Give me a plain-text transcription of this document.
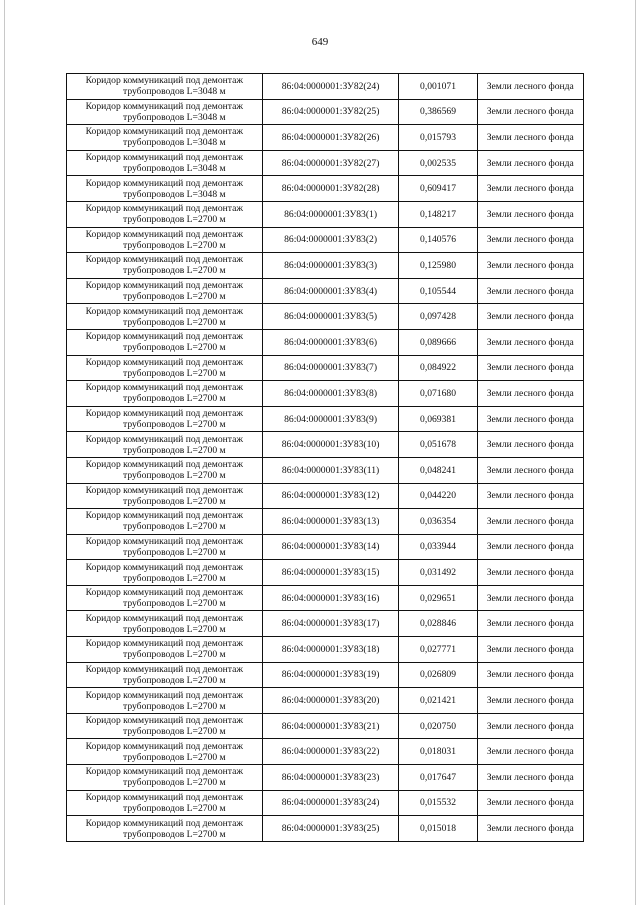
649
Коридор коммуникаций под демонтаж
трубопроводов L=3048 м	86:04:0000001:ЗУ82(24)	0,001071	Земли лесного фонда

Коридор коммуникаций под демонтаж
трубопроводов L=3048 м	86:04:0000001:ЗУ82(25)	0,386569	Земли лесного фонда

Коридор коммуникаций под демонтаж
трубопроводов L=3048 м	86:04:0000001:ЗУ82(26)	0,015793	Земли лесного фонда

Коридор коммуникаций под демонтаж
трубопроводов L=3048 м	86:04:0000001:ЗУ82(27)	0,002535	Земли лесного фонда

Коридор коммуникаций под демонтаж
трубопроводов L=3048 м	86:04:0000001:ЗУ82(28)	0,609417	Земли лесного фонда

Коридор коммуникаций под демонтаж
трубопроводов L=2700 м	86:04:0000001:ЗУ83(1)	0,148217	Земли лесного фонда

Коридор коммуникаций под демонтаж
трубопроводов L=2700 м	86:04:0000001:ЗУ83(2)	0,140576	Земли лесного фонда

Коридор коммуникаций под демонтаж
трубопроводов L=2700 м	86:04:0000001:ЗУ83(3)	0,125980	Земли лесного фонда

Коридор коммуникаций под демонтаж
трубопроводов L=2700 м	86:04:0000001:ЗУ83(4)	0,105544	Земли лесного фонда

Коридор коммуникаций под демонтаж
трубопроводов L=2700 м	86:04:0000001:ЗУ83(5)	0,097428	Земли лесного фонда

Коридор коммуникаций под демонтаж
трубопроводов L=2700 м	86:04:0000001:ЗУ83(6)	0,089666	Земли лесного фонда

Коридор коммуникаций под демонтаж
трубопроводов L=2700 м	86:04:0000001:ЗУ83(7)	0,084922	Земли лесного фонда

Коридор коммуникаций под демонтаж
трубопроводов L=2700 м	86:04:0000001:ЗУ83(8)	0,071680	Земли лесного фонда

Коридор коммуникаций под демонтаж
трубопроводов L=2700 м	86:04:0000001:ЗУ83(9)	0,069381	Земли лесного фонда

Коридор коммуникаций под демонтаж
трубопроводов L=2700 м	86:04:0000001:ЗУ83(10)	0,051678	Земли лесного фонда

Коридор коммуникаций под демонтаж
трубопроводов L=2700 м	86:04:0000001:ЗУ83(11)	0,048241	Земли лесного фонда

Коридор коммуникаций под демонтаж
трубопроводов L=2700 м	86:04:0000001:ЗУ83(12)	0,044220	Земли лесного фонда

Коридор коммуникаций под демонтаж
трубопроводов L=2700 м	86:04:0000001:ЗУ83(13)	0,036354	Земли лесного фонда

Коридор коммуникаций под демонтаж
трубопроводов L=2700 м	86:04:0000001:ЗУ83(14)	0,033944	Земли лесного фонда

Коридор коммуникаций под демонтаж
трубопроводов L=2700 м	86:04:0000001:ЗУ83(15)	0,031492	Земли лесного фонда

Коридор коммуникаций под демонтаж
трубопроводов L=2700 м	86:04:0000001:ЗУ83(16)	0,029651	Земли лесного фонда

Коридор коммуникаций под демонтаж
трубопроводов L=2700 м	86:04:0000001:ЗУ83(17)	0,028846	Земли лесного фонда

Коридор коммуникаций под демонтаж
трубопроводов L=2700 м	86:04:0000001:ЗУ83(18)	0,027771	Земли лесного фонда

Коридор коммуникаций под демонтаж
трубопроводов L=2700 м	86:04:0000001:ЗУ83(19)	0,026809	Земли лесного фонда

Коридор коммуникаций под демонтаж
трубопроводов L=2700 м	86:04:0000001:ЗУ83(20)	0,021421	Земли лесного фонда

Коридор коммуникаций под демонтаж
трубопроводов L=2700 м	86:04:0000001:ЗУ83(21)	0,020750	Земли лесного фонда

Коридор коммуникаций под демонтаж
трубопроводов L=2700 м	86:04:0000001:ЗУ83(22)	0,018031	Земли лесного фонда

Коридор коммуникаций под демонтаж
трубопроводов L=2700 м	86:04:0000001:ЗУ83(23)	0,017647	Земли лесного фонда

Коридор коммуникаций под демонтаж
трубопроводов L=2700 м	86:04:0000001:ЗУ83(24)	0,015532	Земли лесного фонда

Коридор коммуникаций под демонтаж
трубопроводов L=2700 м	86:04:0000001:ЗУ83(25)	0,015018	Земли лесного фонда
